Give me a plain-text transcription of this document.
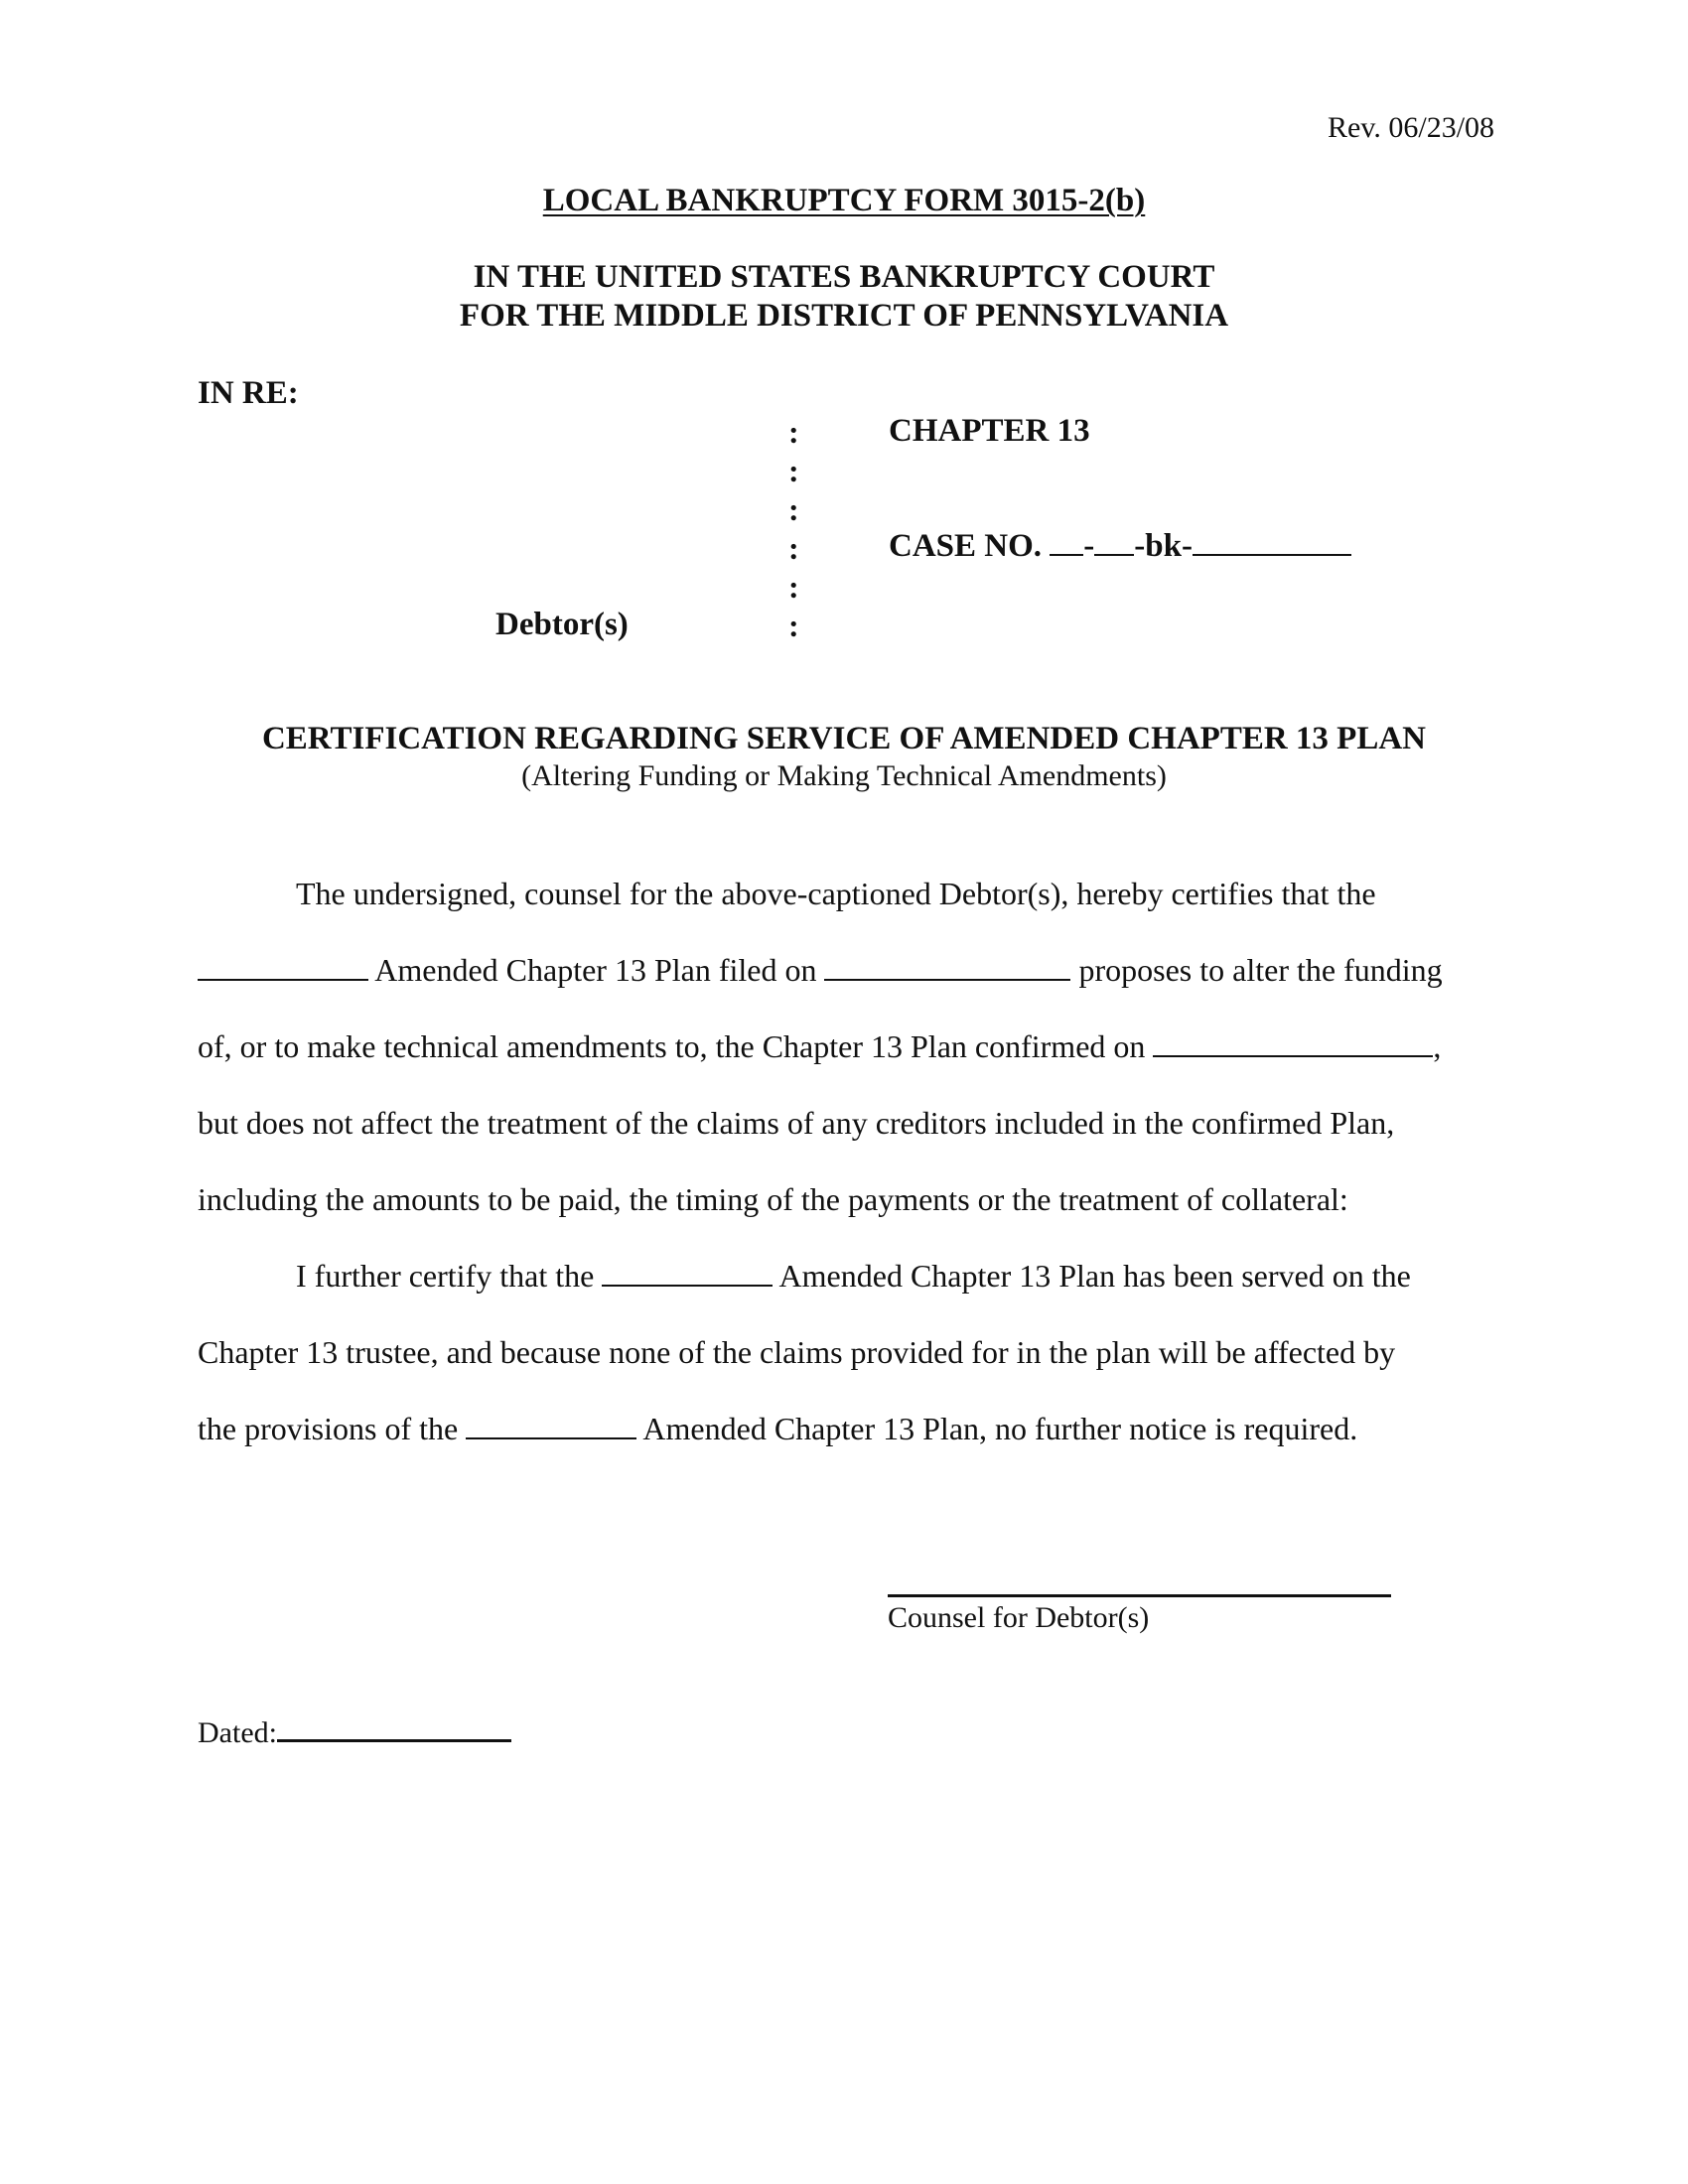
Rev. 06/23/08
LOCAL BANKRUPTCY FORM 3015-2(b)
IN THE UNITED STATES BANKRUPTCY COURT
FOR THE MIDDLE DISTRICT OF PENNSYLVANIA
IN RE:
:
:
:
:
:
:
CHAPTER 13
CASE NO. - -bk-
Debtor(s)
CERTIFICATION REGARDING SERVICE OF AMENDED CHAPTER 13 PLAN
(Altering Funding or Making Technical Amendments)
The undersigned, counsel for the above-captioned Debtor(s), hereby certifies that the
Amended Chapter 13 Plan filed on	proposes to alter the funding
of, or to make technical amendments to, the Chapter 13 Plan confirmed on	,
but does not affect the treatment of the claims of any creditors included in the confirmed Plan,
including the amounts to be paid, the timing of the payments or the treatment of collateral:
I further certify that the	Amended Chapter 13 Plan has been served on the
Chapter 13 trustee, and because none of the claims provided for in the plan will be affected by
the provisions of the	Amended Chapter 13 Plan, no further notice is required.
Counsel for Debtor(s)
Dated:
